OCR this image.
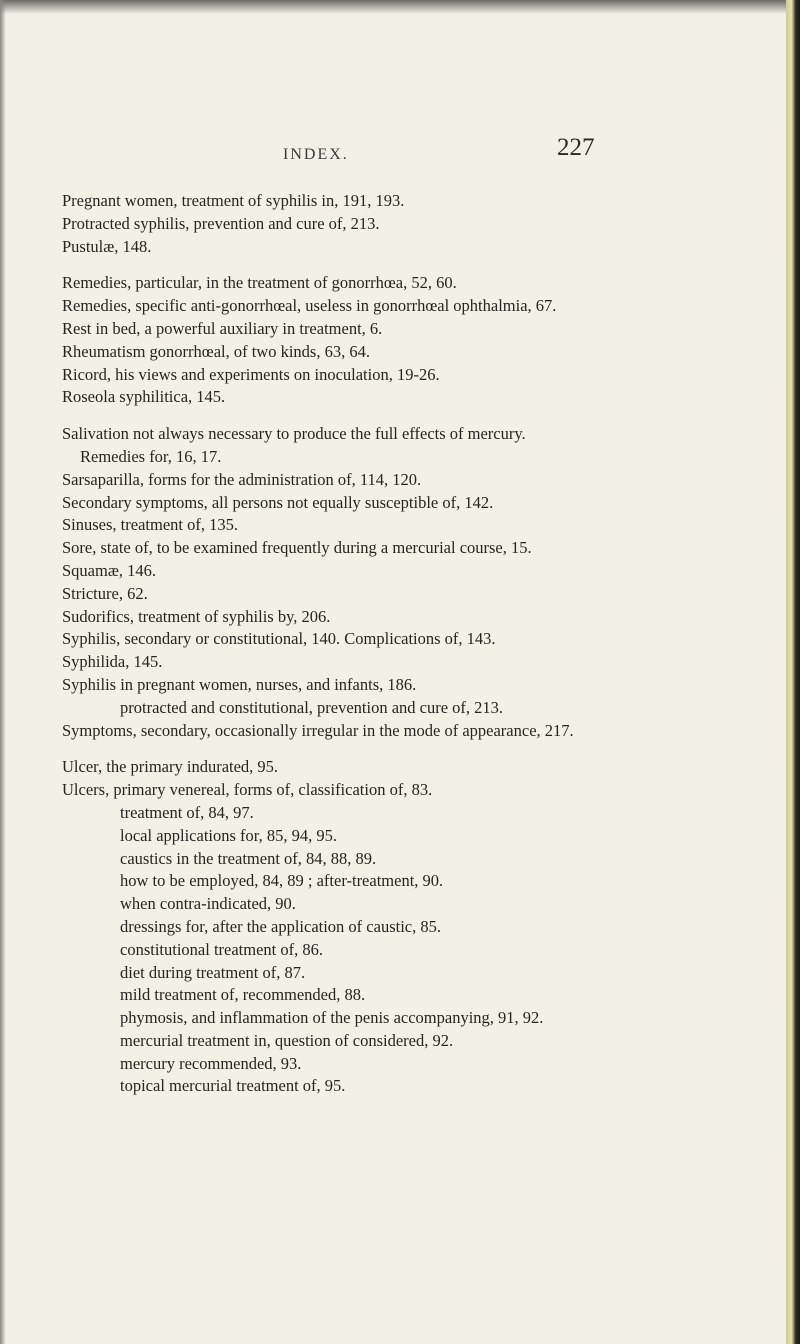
INDEX.	227
Pregnant women, treatment of syphilis in, 191, 193.
Protracted syphilis, prevention and cure of, 213.
Pustulæ, 148.
Remedies, particular, in the treatment of gonorrhœa, 52, 60.
Remedies, specific anti-gonorrhœal, useless in gonorrhœal ophthalmia, 67.
Rest in bed, a powerful auxiliary in treatment, 6.
Rheumatism gonorrhœal, of two kinds, 63, 64.
Ricord, his views and experiments on inoculation, 19-26.
Roseola syphilitica, 145.
Salivation not always necessary to produce the full effects of mercury.
Remedies for, 16, 17.
Sarsaparilla, forms for the administration of, 114, 120.
Secondary symptoms, all persons not equally susceptible of, 142.
Sinuses, treatment of, 135.
Sore, state of, to be examined frequently during a mercurial course, 15.
Squamæ, 146.
Stricture, 62.
Sudorifics, treatment of syphilis by, 206.
Syphilis, secondary or constitutional, 140. Complications of, 143.
Syphilida, 145.
Syphilis in pregnant women, nurses, and infants, 186.
protracted and constitutional, prevention and cure of, 213.
Symptoms, secondary, occasionally irregular in the mode of appearance, 217.
Ulcer, the primary indurated, 95.
Ulcers, primary venereal, forms of, classification of, 83.
treatment of, 84, 97.
local applications for, 85, 94, 95.
caustics in the treatment of, 84, 88, 89.
how to be employed, 84, 89 ; after-treatment, 90.
when contra-indicated, 90.
dressings for, after the application of caustic, 85.
constitutional treatment of, 86.
diet during treatment of, 87.
mild treatment of, recommended, 88.
phymosis, and inflammation of the penis accompanying, 91, 92.
mercurial treatment in, question of considered, 92.
mercury recommended, 93.
topical mercurial treatment of, 95.
